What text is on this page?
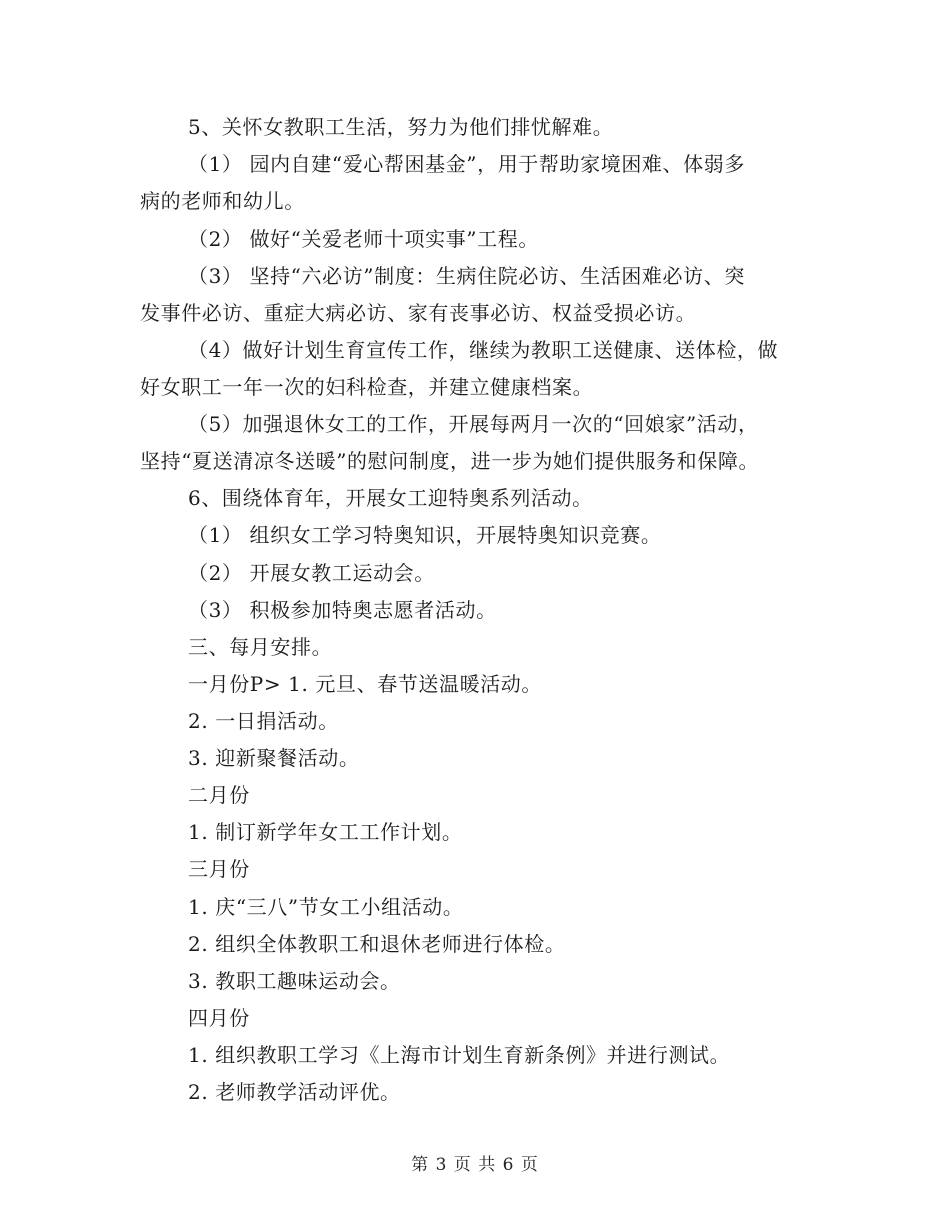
5、关怀女教职工生活，努力为他们排忧解难。
（1） 园内自建“爱心帮困基金”，用于帮助家境困难、体弱多
病的老师和幼儿。
（2） 做好“关爱老师十项实事”工程。
（3） 坚持“六必访”制度：生病住院必访、生活困难必访、突
发事件必访、重症大病必访、家有丧事必访、权益受损必访。
（4）做好计划生育宣传工作，继续为教职工送健康、送体检，做
好女职工一年一次的妇科检查，并建立健康档案。
（5）加强退休女工的工作，开展每两月一次的“回娘家”活动，
坚持“夏送清凉冬送暖”的慰问制度，进一步为她们提供服务和保障。
6、围绕体育年，开展女工迎特奥系列活动。
（1） 组织女工学习特奥知识，开展特奥知识竞赛。
（2） 开展女教工运动会。
（3） 积极参加特奥志愿者活动。
三、每月安排。
一月份P> 1. 元旦、春节送温暖活动。
2. 一日捐活动。
3. 迎新聚餐活动。
二月份
1. 制订新学年女工工作计划。
三月份
1. 庆“三八”节女工小组活动。
2. 组织全体教职工和退休老师进行体检。
3. 教职工趣味运动会。
四月份
1. 组织教职工学习《上海市计划生育新条例》并进行测试。
2. 老师教学活动评优。
第 3 页 共 6 页
